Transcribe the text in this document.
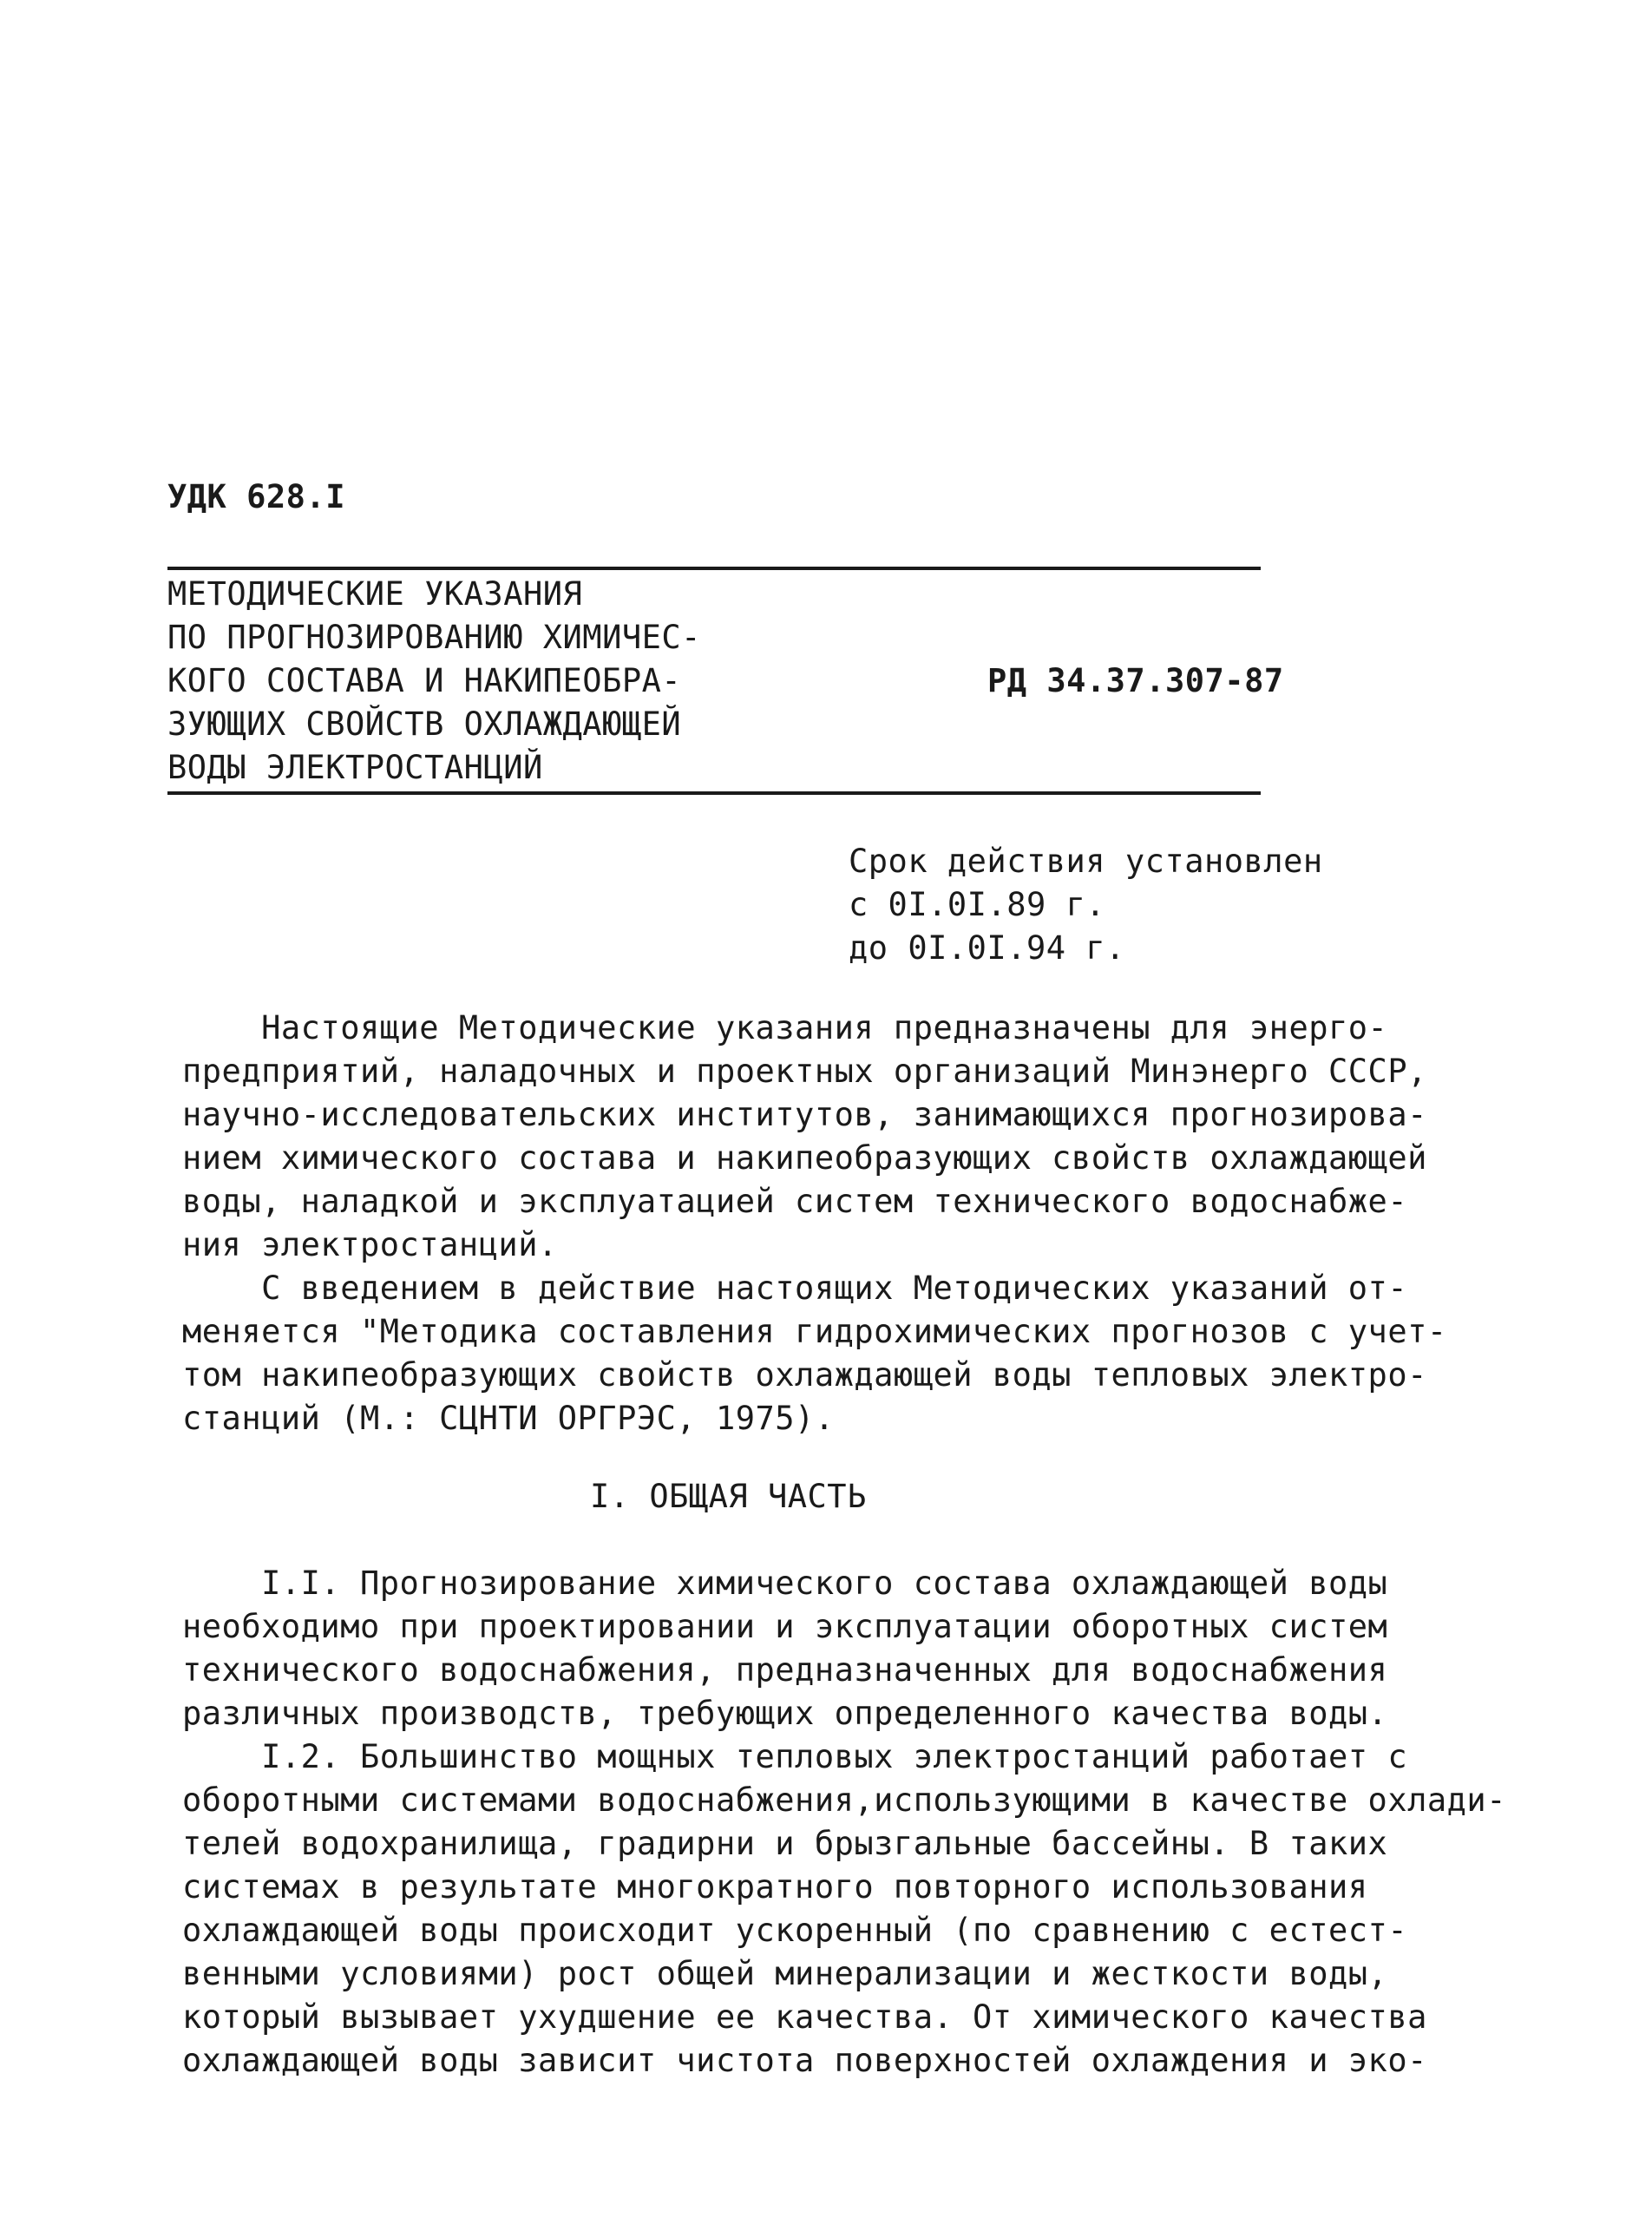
УДК 628.I
МЕТОДИЧЕСКИЕ УКАЗАНИЯ
ПО ПРОГНОЗИРОВАНИЮ ХИМИЧЕС-
КОГО СОСТАВА И НАКИПЕОБРА-
ЗУЮЩИХ СВОЙСТВ ОХЛАЖДАЮЩЕЙ
ВОДЫ ЭЛЕКТРОСТАНЦИЙ
РД 34.37.307-87
Срок действия установлен
с 0I.0I.89 г.
до 0I.0I.94 г.
Настоящие Методические указания предназначены для энерго-
предприятий, наладочных и проектных организаций Минэнерго СССР,
научно-исследовательских институтов, занимающихся прогнозирова-
нием химического состава и накипеобразующих свойств охлаждающей
воды, наладкой и эксплуатацией систем технического водоснабже-
ния электростанций.
С введением в действие настоящих Методических указаний от-
меняется "Методика составления гидрохимических прогнозов с учет-
том накипеобразующих свойств охлаждающей воды тепловых электро-
станций (М.: СЦНТИ ОРГРЭС, 1975).
I. ОБЩАЯ ЧАСТЬ
I.I. Прогнозирование химического состава охлаждающей воды
необходимо при проектировании и эксплуатации оборотных систем
технического водоснабжения, предназначенных для водоснабжения
различных производств, требующих определенного качества воды.
I.2. Большинство мощных тепловых электростанций работает с
оборотными системами водоснабжения,использующими в качестве охлади-
телей водохранилища, градирни и брызгальные бассейны. В таких
системах в результате многократного повторного использования
охлаждающей воды происходит ускоренный (по сравнению с естест-
венными условиями) рост общей минерализации и жесткости воды,
который вызывает ухудшение ее качества. От химического качества
охлаждающей воды зависит чистота поверхностей охлаждения и эко-
